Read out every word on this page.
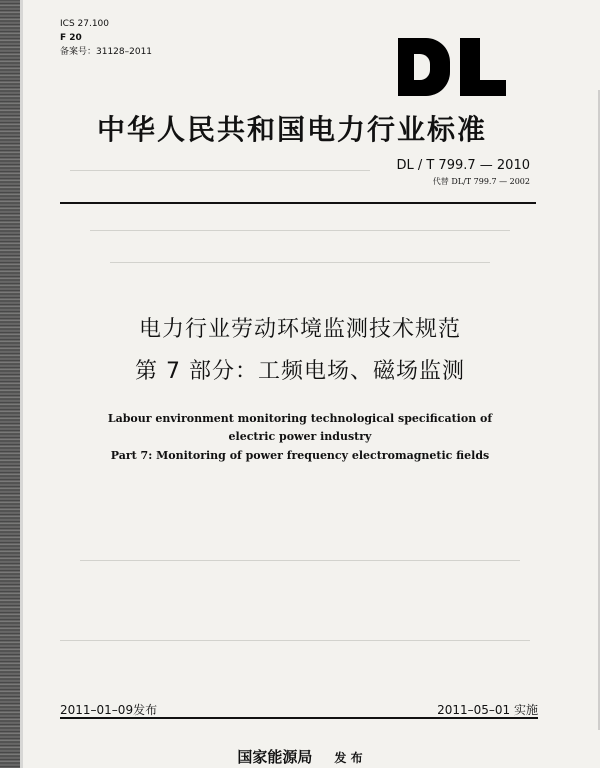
ICS 27.100
F 20
备案号：31128–2011
中华人民共和国电力行业标准
DL / T 799.7 — 2010
代替 DL/T 799.7 — 2002
电力行业劳动环境监测技术规范
第 7 部分：工频电场、磁场监测
Labour environment monitoring technological specification of
electric power industry
Part 7: Monitoring of power frequency electromagnetic fields
2011–01–09发布	2011–05–01 实施
国家能源局 发 布
